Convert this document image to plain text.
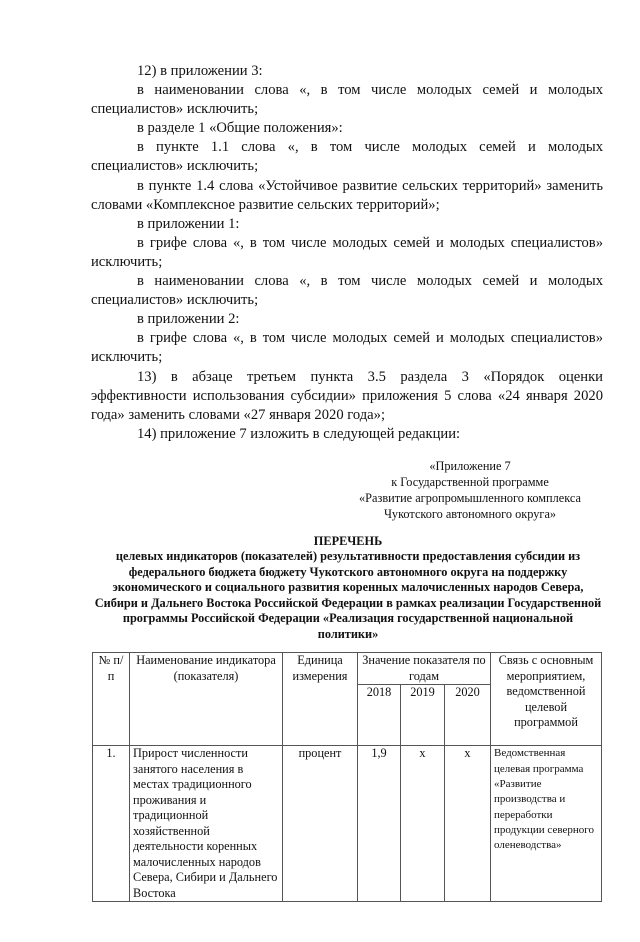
12) в приложении 3:

в наименовании слова «, в том числе молодых семей и молодых специалистов» исключить;

в разделе 1 «Общие положения»:

в пункте 1.1 слова «, в том числе молодых семей и молодых специалистов» исключить;

в пункте 1.4 слова «Устойчивое развитие сельских территорий» заменить словами «Комплексное развитие сельских территорий»;

в приложении 1:

в грифе слова «, в том числе молодых семей и молодых специалистов» исключить;

в наименовании слова «, в том числе молодых семей и молодых специалистов» исключить;

в приложении 2:

в грифе слова «, в том числе молодых семей и молодых специалистов» исключить;

13) в абзаце третьем пункта 3.5 раздела 3 «Порядок оценки эффективности использования субсидии» приложения 5 слова «24 января 2020 года» заменить словами «27 января 2020 года»;

14) приложение 7 изложить в следующей редакции:

«Приложение 7
к Государственной программе
«Развитие агропромышленного комплекса
Чукотского автономного округа»
ПЕРЕЧЕНЬ
целевых индикаторов (показателей) результативности предоставления субсидии из федерального бюджета бюджету Чукотского автономного округа на поддержку экономического и социального развития коренных малочисленных народов Севера, Сибири и Дальнего Востока Российской Федерации в рамках реализации Государственной программы Российской Федерации «Реализация государственной национальной политики»
№ п/п	Наименование индикатора (показателя)	Единица измерения	Значение показателя по годам			Связь с основным мероприятием, ведомственной целевой программой
			2018	2019	2020	
1.	Прирост численности занятого населения в местах традиционного проживания и традиционной хозяйственной деятельности коренных малочисленных народов Севера, Сибири и Дальнего Востока	процент	1,9	x	x	Ведомственная целевая программа «Развитие производства и переработки продукции северного оленеводства»
